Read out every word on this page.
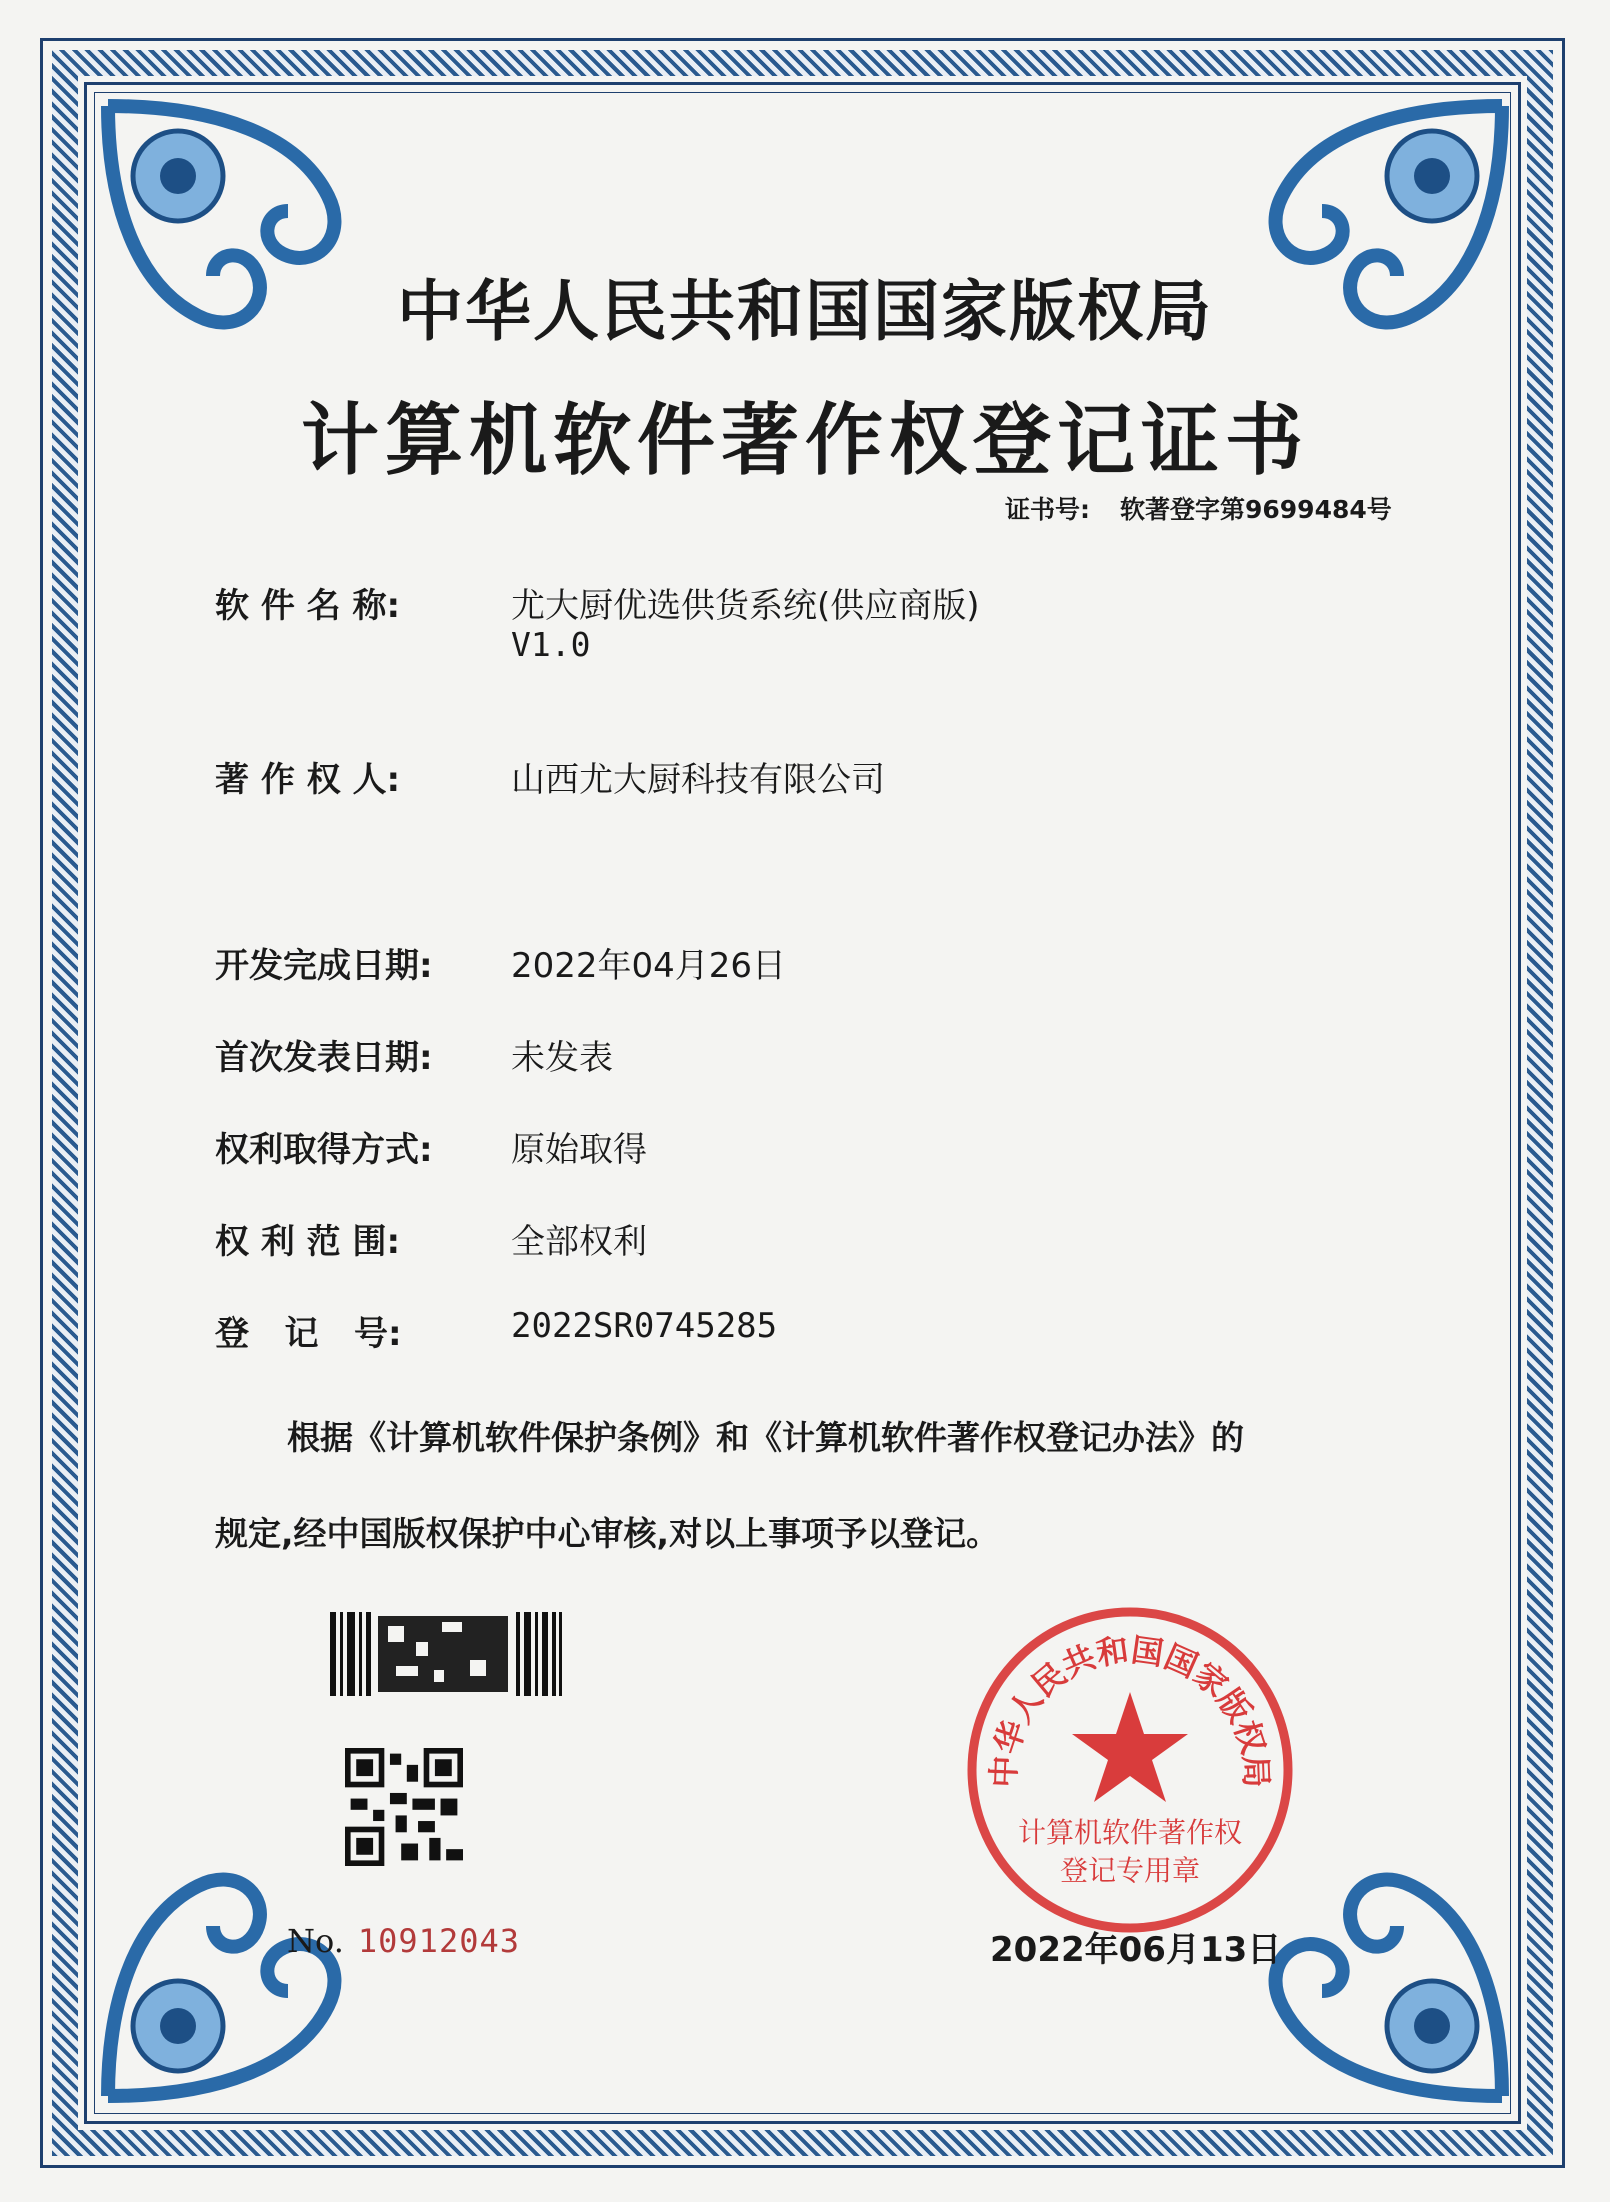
中华人民共和国国家版权局
计算机软件著作权登记证书
证书号: 软著登字第9699484号
软 件 名 称:	尤大厨优选供货系统(供应商版)
V1.0
著 作 权 人:	山西尤大厨科技有限公司
开发完成日期: 2022年04月26日
首次发表日期: 未发表
权利取得方式: 原始取得
权 利 范 围:	全部权利
登   记   号:	2022SR0745285
根据《计算机软件保护条例》和《计算机软件著作权登记办法》的
规定,经中国版权保护中心审核,对以上事项予以登记。
No. 10912043
中华人民共和国国家版权局
计算机软件著作权
登记专用章
2022年06月13日
